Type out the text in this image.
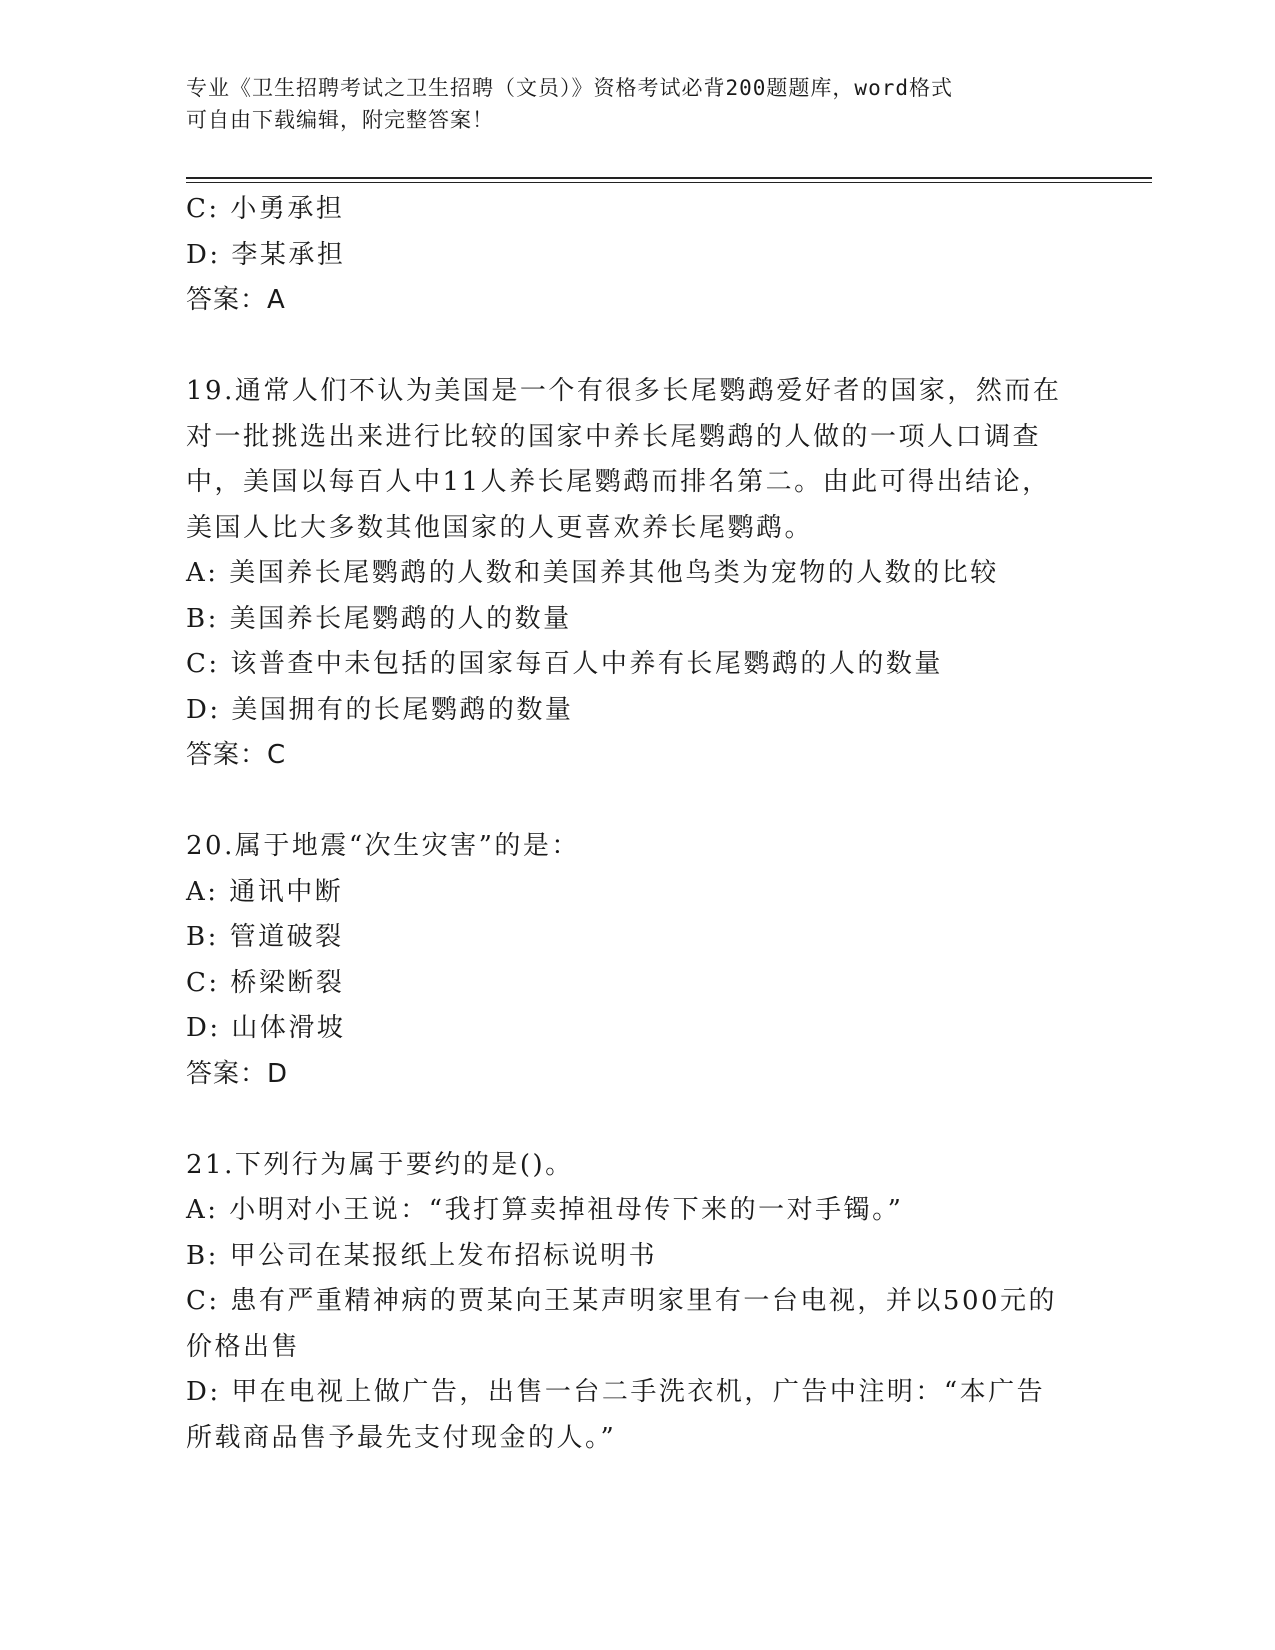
专业《卫生招聘考试之卫生招聘（文员）》资格考试必背200题题库，word格式
可自由下载编辑，附完整答案！
C: 小勇承担
D: 李某承担
答案：A
19.通常人们不认为美国是一个有很多长尾鹦鹉爱好者的国家，然而在
对一批挑选出来进行比较的国家中养长尾鹦鹉的人做的一项人口调查
中，美国以每百人中11人养长尾鹦鹉而排名第二。由此可得出结论，
美国人比大多数其他国家的人更喜欢养长尾鹦鹉。
A: 美国养长尾鹦鹉的人数和美国养其他鸟类为宠物的人数的比较
B: 美国养长尾鹦鹉的人的数量
C: 该普查中未包括的国家每百人中养有长尾鹦鹉的人的数量
D: 美国拥有的长尾鹦鹉的数量
答案：C
20.属于地震“次生灾害”的是：
A: 通讯中断
B: 管道破裂
C: 桥梁断裂
D: 山体滑坡
答案：D
21.下列行为属于要约的是()。
A: 小明对小王说：“我打算卖掉祖母传下来的一对手镯。”
B: 甲公司在某报纸上发布招标说明书
C: 患有严重精神病的贾某向王某声明家里有一台电视，并以500元的
价格出售
D: 甲在电视上做广告，出售一台二手洗衣机，广告中注明：“本广告
所载商品售予最先支付现金的人。”
